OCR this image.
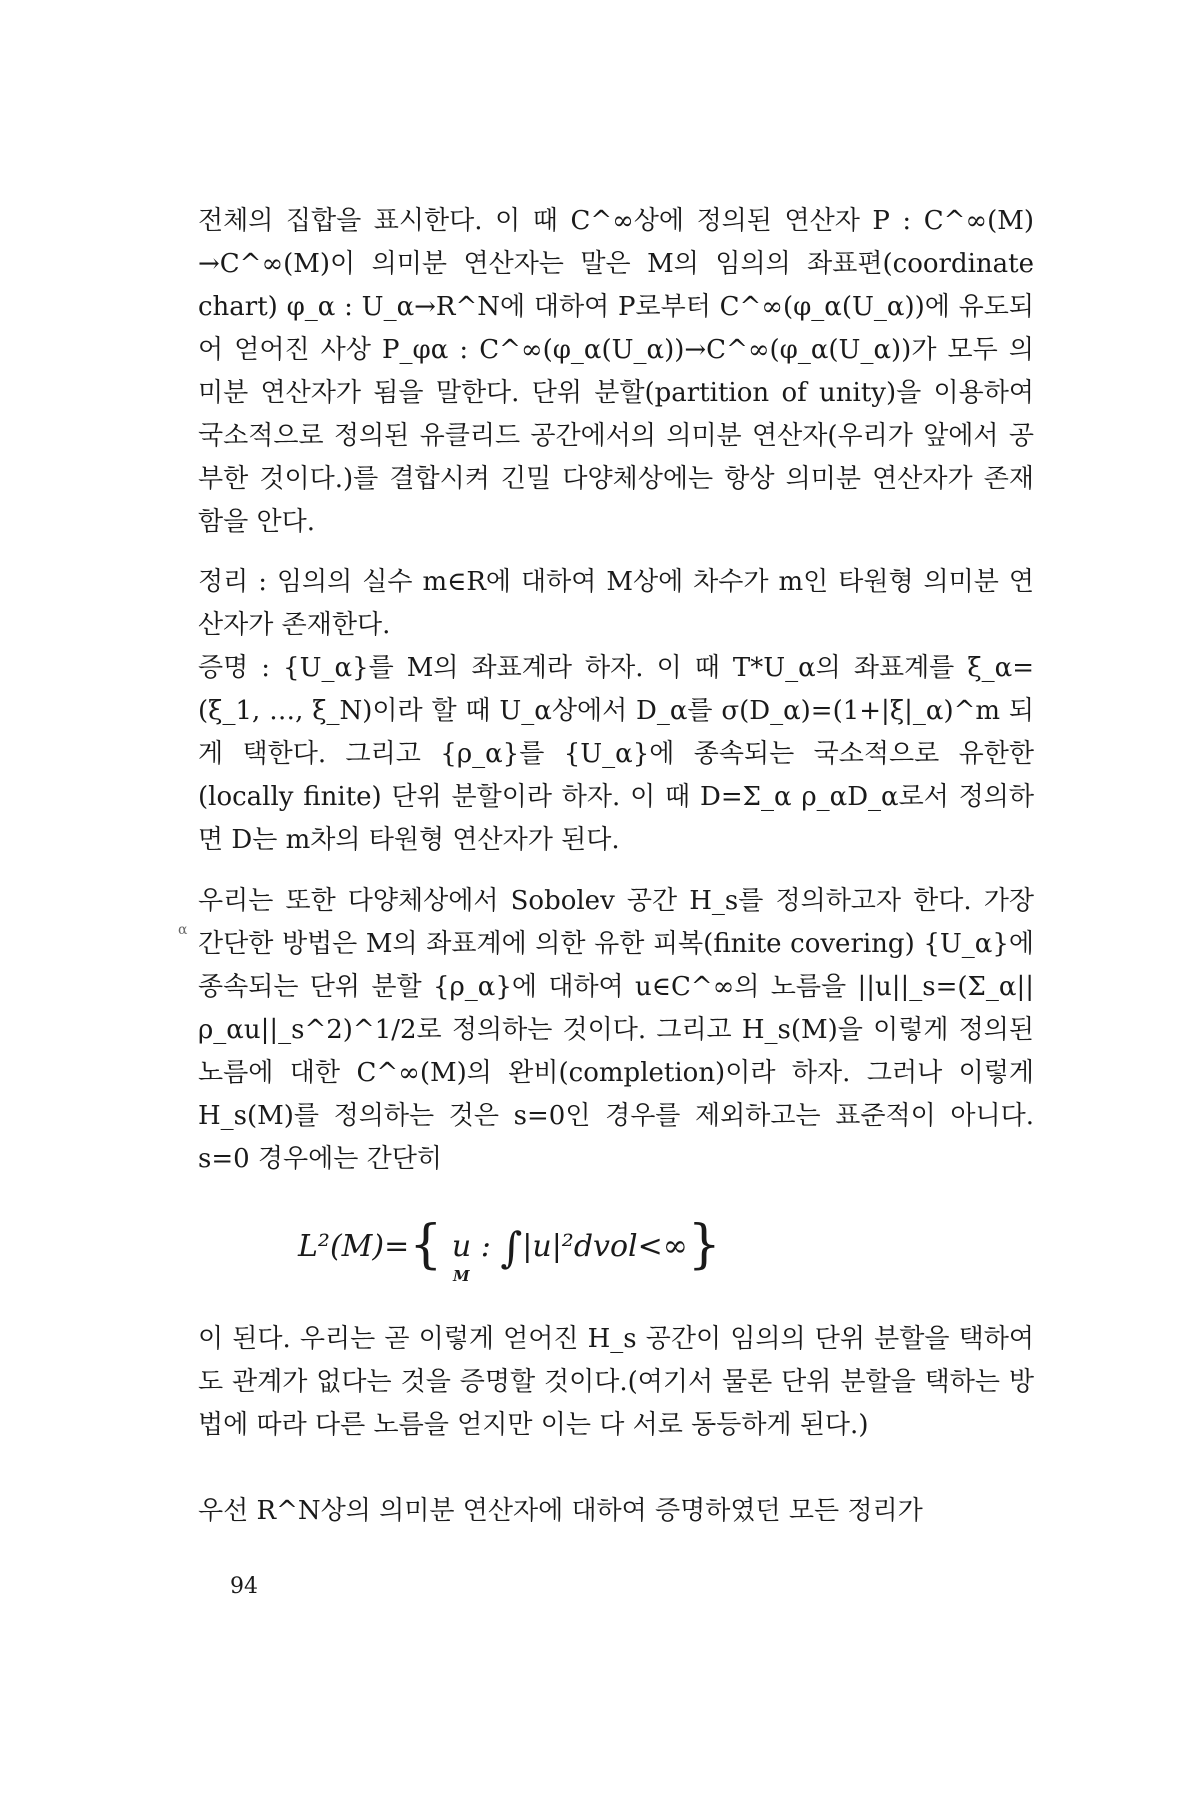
전체의 집합을 표시한다. 이 때 C^∞상에 정의된 연산자 P : C^∞(M) →C^∞(M)이 의미분 연산자는 말은 M의 임의의 좌표편(coordinate chart) φ_α : U_α→R^N에 대하여 P로부터 C^∞(φ_α(U_α))에 유도되어 얻어진 사상 P_φα : C^∞(φ_α(U_α))→C^∞(φ_α(U_α))가 모두 의미분 연산자가 됨을 말한다. 단위 분할(partition of unity)을 이용하여 국소적으로 정의된 유클리드 공간에서의 의미분 연산자(우리가 앞에서 공부한 것이다.)를 결합시켜 긴밀 다양체상에는 항상 의미분 연산자가 존재함을 안다.

정리 : 임의의 실수 m∈R에 대하여 M상에 차수가 m인 타원형 의미분 연산자가 존재한다.

증명 : {U_α}를 M의 좌표계라 하자. 이 때 T*U_α의 좌표계를 ξ_α=(ξ_1, …, ξ_N)이라 할 때 U_α상에서 D_α를 σ(D_α)=(1+|ξ|_α)^m 되게 택한다. 그리고 {ρ_α}를 {U_α}에 종속되는 국소적으로 유한한(locally finite) 단위 분할이라 하자. 이 때 D=Σ_α ρ_αD_α로서 정의하면 D는 m차의 타원형 연산자가 된다.

우리는 또한 다양체상에서 Sobolev 공간 H_s를 정의하고자 한다. 가장 간단한 방법은 M의 좌표계에 의한 유한 피복(finite covering) {U_α}에 종속되는 단위 분할 {ρ_α}에 대하여 u∈C^∞의 노름을 ||u||_s=(Σ_α||ρ_αu||_s^2)^1/2로 정의하는 것이다. 그리고 H_s(M)을 이렇게 정의된 노름에 대한 C^∞(M)의 완비(completion)이라 하자. 그러나 이렇게 H_s(M)를 정의하는 것은 s=0인 경우를 제외하고는 표준적이 아니다. s=0 경우에는 간단히

L²(M)={ u : ∫|u|²dvol<∞}
M

이 된다. 우리는 곧 이렇게 얻어진 H_s 공간이 임의의 단위 분할을 택하여도 관계가 없다는 것을 증명할 것이다.(여기서 물론 단위 분할을 택하는 방법에 따라 다른 노름을 얻지만 이는 다 서로 동등하게 된다.)

우선 R^N상의 의미분 연산자에 대하여 증명하였던 모든 정리가

α
94
